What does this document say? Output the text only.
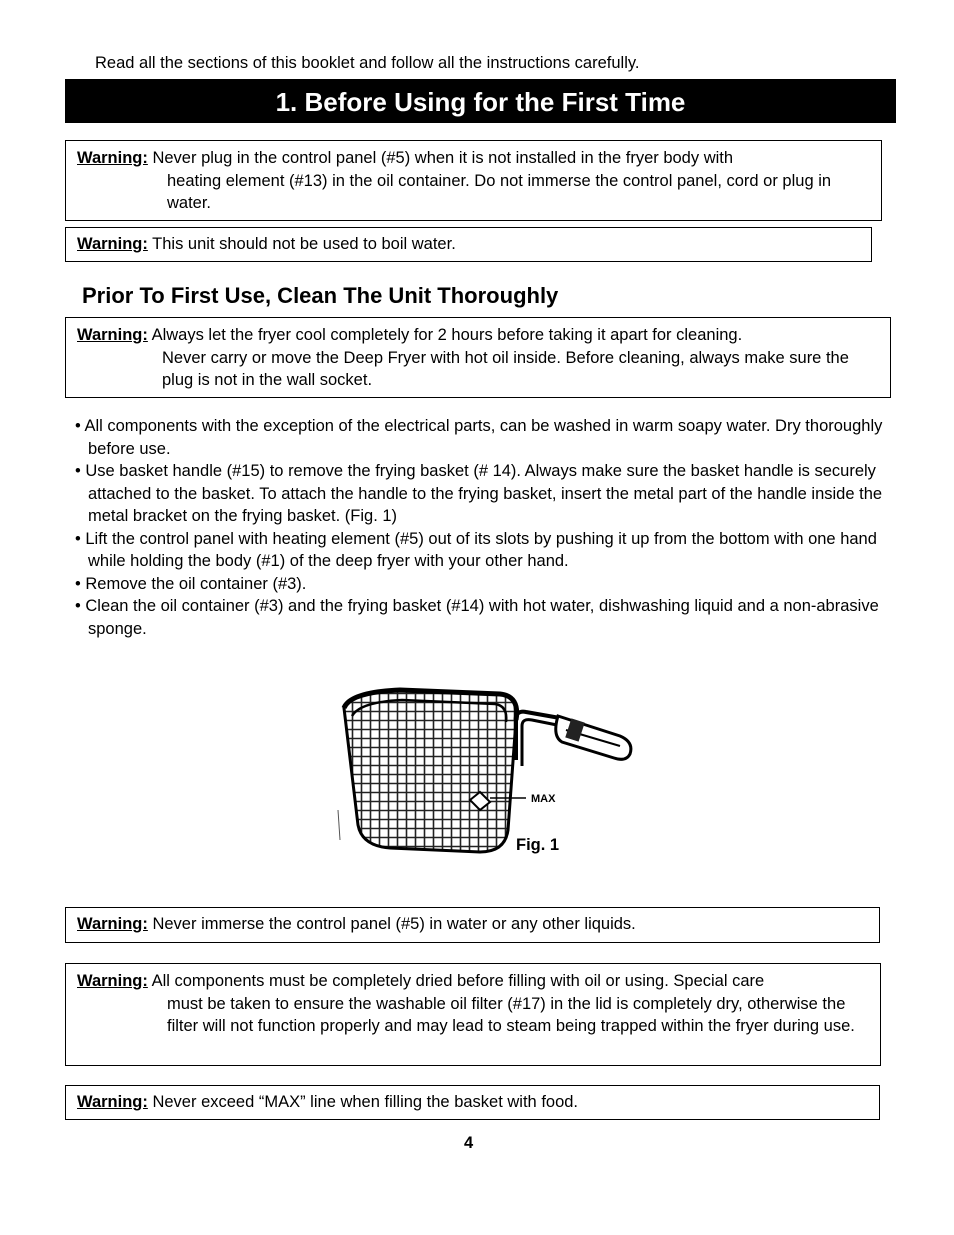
Read all the sections of this booklet and follow all the instructions carefully.
1. Before Using for the First Time
Warning: Never plug in the control panel (#5) when it is not installed in the fryer body with
heating element (#13) in the oil container. Do not immerse the control panel, cord or plug in water.
Warning: This unit should not be used to boil water.
Prior To First Use, Clean The Unit Thoroughly
Warning: Always let the fryer cool completely for 2 hours before taking it apart for cleaning.
Never carry or move the Deep Fryer with hot oil inside. Before cleaning, always make sure the plug is not in the wall socket.
• All components with the exception of the electrical parts, can be washed in warm soapy water. Dry thoroughly before use.
• Use basket handle (#15) to remove the frying basket (# 14). Always make sure the basket handle is securely attached to the basket. To attach the handle to the frying basket, insert the metal part of the handle inside the metal bracket on the frying basket. (Fig. 1)
• Lift the control panel with heating element (#5) out of its slots by pushing it up from the bottom with one hand while holding the body (#1) of the deep fryer with your other hand.
• Remove the oil container (#3).
• Clean the oil container (#3) and the frying basket (#14) with hot water, dishwashing liquid and a non-abrasive sponge.
MAX
Fig. 1
Warning: Never immerse the control panel (#5) in water or any other liquids.
Warning: All components must be completely dried before filling with oil or using. Special care
must be taken to ensure the washable oil filter (#17) in the lid is completely dry, otherwise the filter will not function properly and may lead to steam being trapped within the fryer during use.
Warning: Never exceed “MAX” line when filling the basket with food.
4
